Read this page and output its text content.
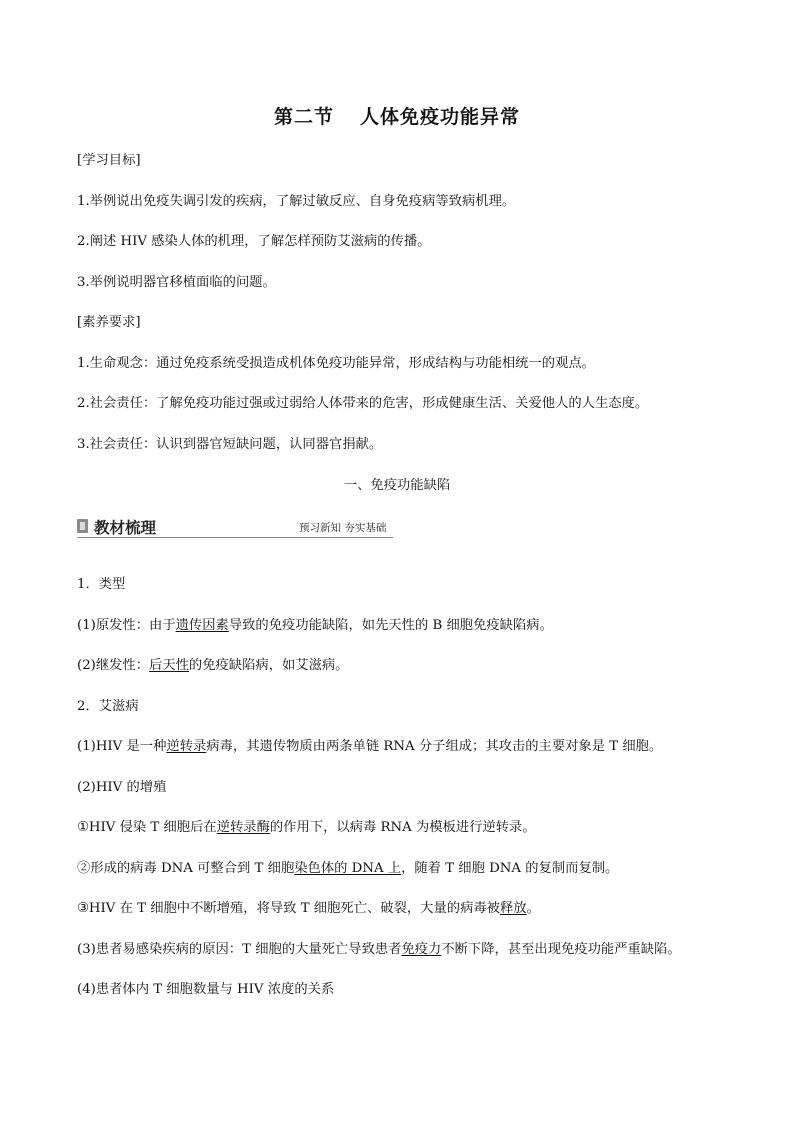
第二节 人体免疫功能异常
[学习目标]
1.举例说出免疫失调引发的疾病，了解过敏反应、自身免疫病等致病机理。
2.阐述 HIV 感染人体的机理，了解怎样预防艾滋病的传播。
3.举例说明器官移植面临的问题。
[素养要求]
1.生命观念：通过免疫系统受损造成机体免疫功能异常，形成结构与功能相统一的观点。
2.社会责任：了解免疫功能过强或过弱给人体带来的危害，形成健康生活、关爱他人的人生态度。
3.社会责任：认识到器官短缺问题，认同器官捐献。
一、免疫功能缺陷
教材梳理	预习新知 夯实基础
1．类型
(1)原发性：由于遗传因素导致的免疫功能缺陷，如先天性的 B 细胞免疫缺陷病。
(2)继发性：后天性的免疫缺陷病，如艾滋病。
2．艾滋病
(1)HIV 是一种逆转录病毒，其遗传物质由两条单链 RNA 分子组成；其攻击的主要对象是 T 细胞。
(2)HIV 的增殖
①HIV 侵染 T 细胞后在逆转录酶的作用下，以病毒 RNA 为模板进行逆转录。
②形成的病毒 DNA 可整合到 T 细胞染色体的 DNA 上，随着 T 细胞 DNA 的复制而复制。
③HIV 在 T 细胞中不断增殖，将导致 T 细胞死亡、破裂，大量的病毒被释放。
(3)患者易感染疾病的原因：T 细胞的大量死亡导致患者免疫力不断下降，甚至出现免疫功能严重缺陷。
(4)患者体内 T 细胞数量与 HIV 浓度的关系
